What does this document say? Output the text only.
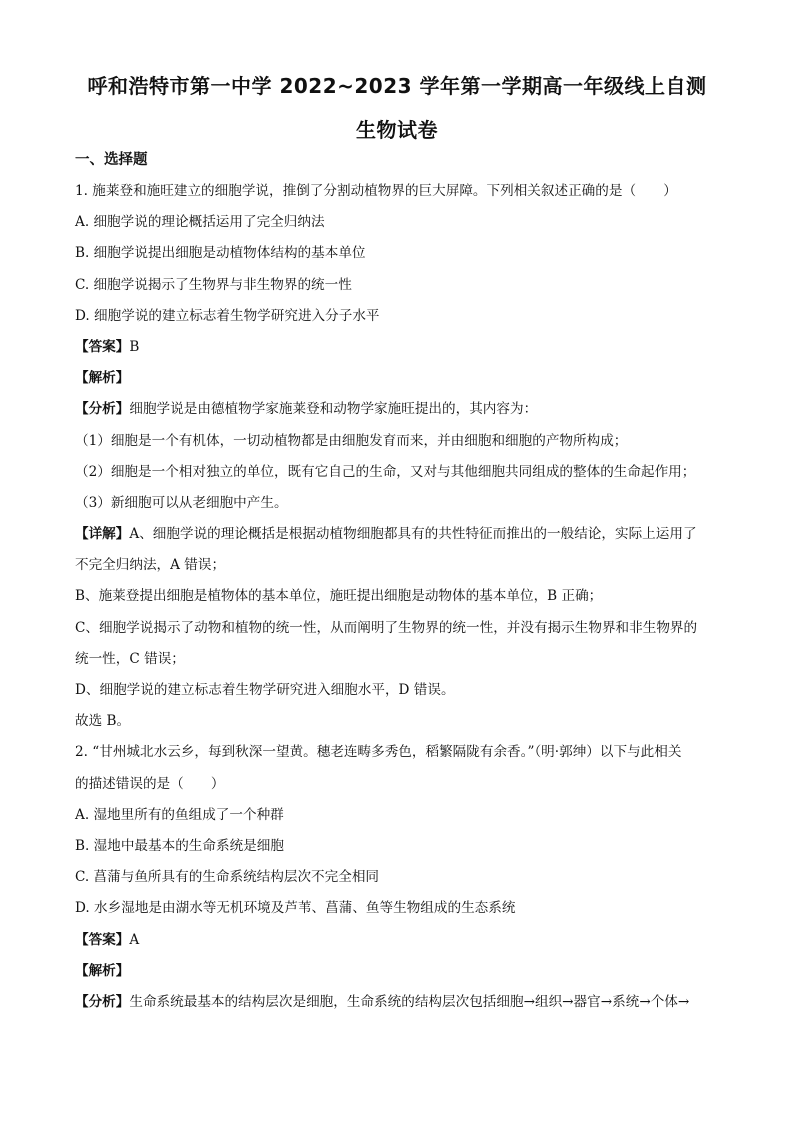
呼和浩特市第一中学 2022~2023 学年第一学期高一年级线上自测
生物试卷
一、选择题
1. 施莱登和施旺建立的细胞学说，推倒了分割动植物界的巨大屏障。下列相关叙述正确的是（　　）
A. 细胞学说的理论概括运用了完全归纳法
B. 细胞学说提出细胞是动植物体结构的基本单位
C. 细胞学说揭示了生物界与非生物界的统一性
D. 细胞学说的建立标志着生物学研究进入分子水平
【答案】B
【解析】
【分析】细胞学说是由德植物学家施莱登和动物学家施旺提出的，其内容为：
（1）细胞是一个有机体，一切动植物都是由细胞发育而来，并由细胞和细胞的产物所构成；
（2）细胞是一个相对独立的单位，既有它自己的生命，又对与其他细胞共同组成的整体的生命起作用；
（3）新细胞可以从老细胞中产生。
【详解】A、细胞学说的理论概括是根据动植物细胞都具有的共性特征而推出的一般结论，实际上运用了
不完全归纳法，A 错误；
B、施莱登提出细胞是植物体的基本单位，施旺提出细胞是动物体的基本单位，B 正确；
C、细胞学说揭示了动物和植物的统一性，从而阐明了生物界的统一性，并没有揭示生物界和非生物界的
统一性，C 错误；
D、细胞学说的建立标志着生物学研究进入细胞水平，D 错误。
故选 B。
2. “甘州城北水云乡，每到秋深一望黄。穗老连畴多秀色，稻繁隔陇有余香。”（明·郭绅）以下与此相关
的描述错误的是（　　）
A. 湿地里所有的鱼组成了一个种群
B. 湿地中最基本的生命系统是细胞
C. 菖蒲与鱼所具有的生命系统结构层次不完全相同
D. 水乡湿地是由湖水等无机环境及芦苇、菖蒲、鱼等生物组成的生态系统
【答案】A
【解析】
【分析】生命系统最基本的结构层次是细胞，生命系统的结构层次包括细胞→组织→器官→系统→个体→
